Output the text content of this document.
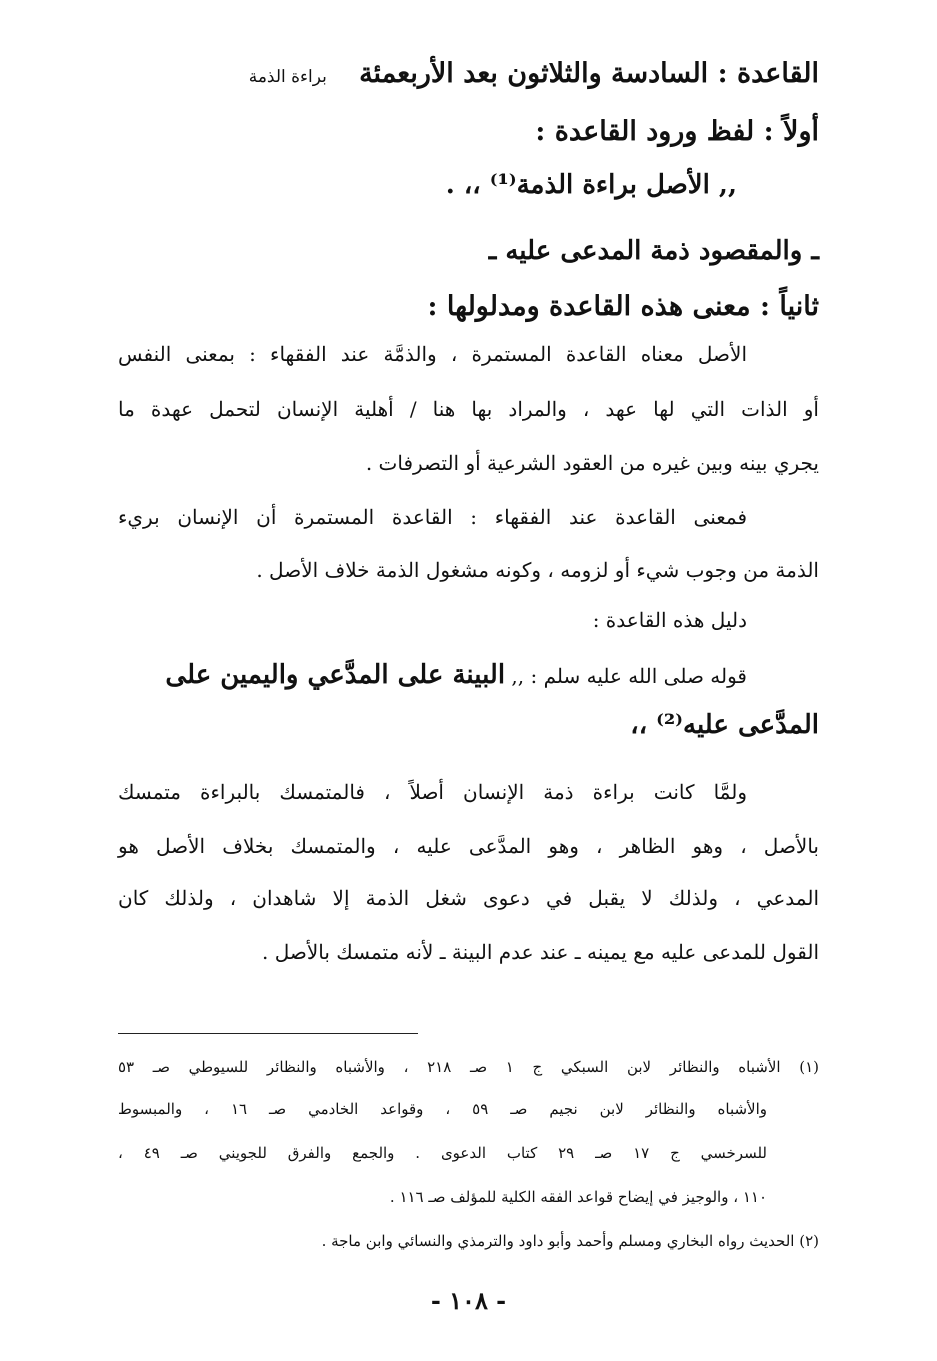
القاعدة : السادسة والثلاثون بعد الأربعمئة  براءة الذمة
أولاً : لفظ ورود القاعدة :
,, الأصل براءة الذمة⁽¹⁾ ،، .
ـ والمقصود ذمة المدعى عليه ـ
ثانياً : معنى هذه القاعدة ومدلولها :
الأصل معناه القاعدة المستمرة ، والذمَّة عند الفقهاء : بمعنى النفس
أو الذات التي لها عهد ، والمراد بها هنا / أهلية الإنسان لتحمل عهدة ما
يجري بينه وبين غيره من العقود الشرعية أو التصرفات .
فمعنى القاعدة عند الفقهاء : القاعدة المستمرة أن الإنسان بريء
الذمة من وجوب شيء أو لزومه ، وكونه مشغول الذمة خلاف الأصل .
دليل هذه القاعدة :
قوله صلى الله عليه سلم : ,, البينة على المدَّعي واليمين على
المدَّعى عليه⁽²⁾ ،،
ولمَّا كانت براءة ذمة الإنسان أصلاً ، فالمتمسك بالبراءة متمسك
بالأصل ، وهو الظاهر ، وهو المدَّعى عليه ، والمتمسك بخلاف الأصل هو
المدعي ، ولذلك لا يقبل في دعوى شغل الذمة إلا شاهدان ، ولذلك كان
القول للمدعى عليه مع يمينه ـ عند عدم البينة ـ لأنه متمسك بالأصل .
(١) الأشباه والنظائر لابن السبكي ج ١ صـ ٢١٨ ، والأشباه والنظائر للسيوطي صـ ٥٣
والأشباه والنظائر لابن نجيم صـ ٥٩ ، وقواعد الخادمي صـ ١٦ ، والمبسوط
للسرخسي ج ١٧ صـ ٢٩ كتاب الدعوى . والجمع والفرق للجويني صـ ٤٩ ،
١١٠ ، والوجيز في إيضاح قواعد الفقه الكلية للمؤلف صـ ١١٦ .
(٢) الحديث رواه البخاري ومسلم وأحمد وأبو داود والترمذي والنسائي وابن ماجة .
- ١٠٨ -
